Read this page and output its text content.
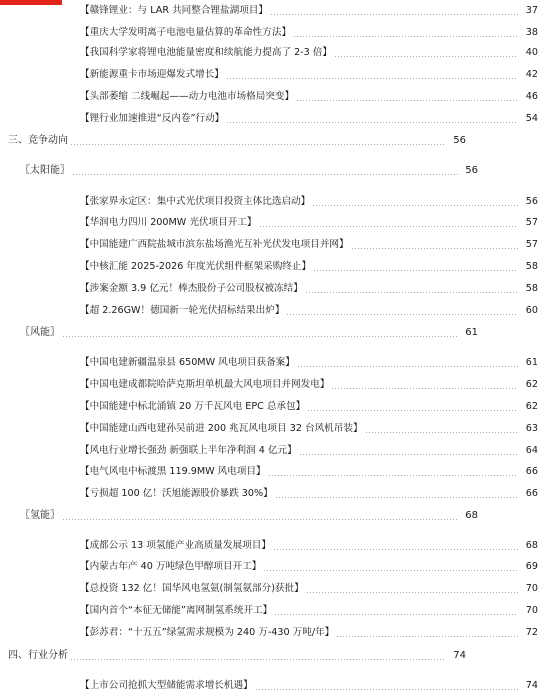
【赣锋锂业：与 LAR 共同整合锂盐湖项目】	37
【重庆大学发明离子电池电量估算的革命性方法】	38
【我国科学家将锂电池能量密度和续航能力提高了 2-3 倍】	40
【新能源重卡市场迎爆发式增长】	42
【头部萎缩 二线崛起——动力电池市场格局突变】	46
【锂行业加速推进“反内卷”行动】	54
三、竞争动向	56
〖太阳能〗	56
【张家界永定区：集中式光伏项目投资主体比选启动】	56
【华润电力四川 200MW 光伏项目开工】	57
【中国能建广西院盐城市滨东盐场渔光互补光伏发电项目并网】	57
【中核汇能 2025-2026 年度光伏组件框架采购终止】	58
【涉案金额 3.9 亿元！棒杰股份子公司股权被冻结】	58
【超 2.26GW！德国新一轮光伏招标结果出炉】	60
〖风能〗	61
【中国电建新疆温泉县 650MW 风电项目获备案】	61
【中国电建成都院哈萨克斯坦单机最大风电项目并网发电】	62
【中国能建中标北涌镇 20 万千瓦风电 EPC 总承包】	62
【中国能建山西电建孙吴前进 200 兆瓦风电项目 32 台风机吊装】	63
【风电行业增长强劲 新强联上半年净利润 4 亿元】	64
【电气风电中标渡黑 119.9MW 风电项目】	66
【亏损超 100 亿！沃旭能源股价暴跌 30%】	66
〖氢能〗	68
【成都公示 13 项氢能产业高质量发展项目】	68
【内蒙古年产 40 万吨绿色甲醇项目开工】	69
【总投资 132 亿！国华风电氢氨(制氢氨部分)获批】	70
【国内首个“本征无储能”离网制氢系统开工】	70
【彭苏君：“十五五”绿氢需求规模为 240 万-430 万吨/年】	72
四、行业分析	74
【上市公司抢抓大型储能需求增长机遇】	74
